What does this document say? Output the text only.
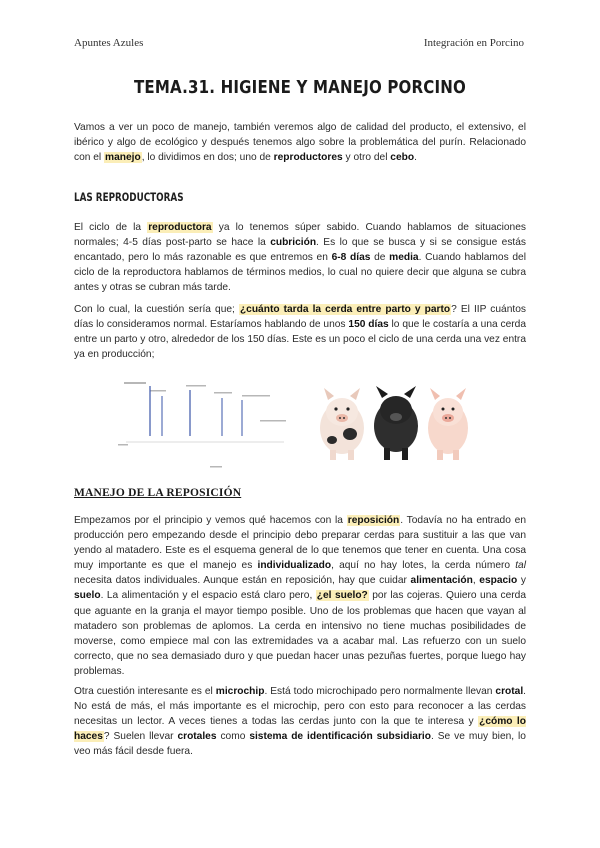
Apuntes Azules	Integración en Porcino
TEMA.31. HIGIENE Y MANEJO PORCINO
Vamos a ver un poco de manejo, también veremos algo de calidad del producto, el extensivo, el ibérico y algo de ecológico y después tenemos algo sobre la problemática del purín. Relacionado con el manejo, lo dividimos en dos; uno de reproductores y otro del cebo.
LAS REPRODUCTORAS
El ciclo de la reproductora ya lo tenemos súper sabido. Cuando hablamos de situaciones normales; 4-5 días post-parto se hace la cubrición. Es lo que se busca y si se consigue estás encantado, pero lo más razonable es que entremos en 6-8 días de media. Cuando hablamos del ciclo de la reproductora hablamos de términos medios, lo cual no quiere decir que alguna se cubra antes y otras se cubran más tarde.
Con lo cual, la cuestión sería que; ¿cuánto tarda la cerda entre parto y parto? El IIP cuántos días lo consideramos normal. Estaríamos hablando de unos 150 días lo que le costaría a una cerda entre un parto y otro, alrededor de los 150 días. Este es un poco el ciclo de una cerda una vez entra ya en producción;
MANEJO DE LA REPOSICIÓN
Empezamos por el principio y vemos qué hacemos con la reposición. Todavía no ha entrado en producción pero empezando desde el principio debo preparar cerdas para sustituir a las que van yendo al matadero. Este es el esquema general de lo que tenemos que tener en cuenta. Una cosa muy importante es que el manejo es individualizado, aquí no hay lotes, la cerda número tal necesita datos individuales. Aunque están en reposición, hay que cuidar alimentación, espacio y suelo. La alimentación y el espacio está claro pero, ¿el suelo? por las cojeras. Quiero una cerda que aguante en la granja el mayor tiempo posible. Uno de los problemas que hacen que vayan al matadero son problemas de aplomos. La cerda en intensivo no tiene muchas posibilidades de moverse, como empiece mal con las extremidades va a acabar mal. Las refuerzo con un suelo correcto, que no sea demasiado duro y que puedan hacer unas pezuñas fuertes, porque luego hay problemas.
Otra cuestión interesante es el microchip. Está todo microchipado pero normalmente llevan crotal. No está de más, el más importante es el microchip, pero con esto para reconocer a las cerdas necesitas un lector. A veces tienes a todas las cerdas junto con la que te interesa y ¿cómo lo haces? Suelen llevar crotales como sistema de identificación subsidiario. Se ve muy bien, lo veo más fácil desde fuera.
